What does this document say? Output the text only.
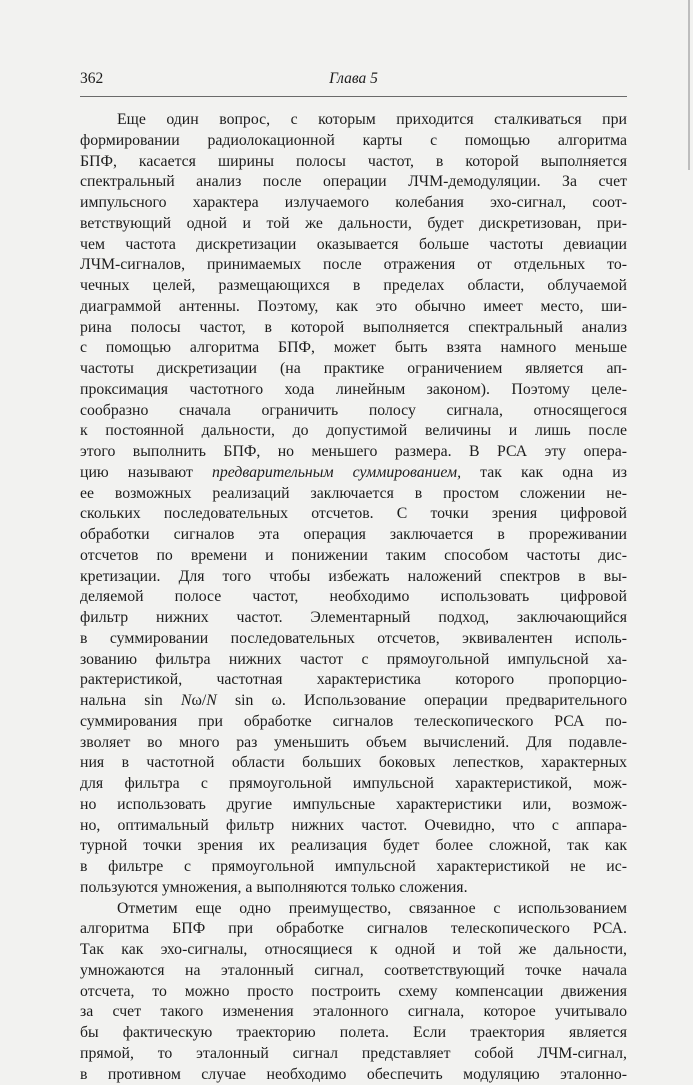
362	Глава 5
Еще один вопрос, с которым приходится сталкиваться при
формировании радиолокационной карты с помощью алгоритма
БПФ, касается ширины полосы частот, в которой выполняется
спектральный анализ после операции ЛЧМ-демодуляции. За счет
импульсного характера излучаемого колебания эхо-сигнал, соот-
ветствующий одной и той же дальности, будет дискретизован, при-
чем частота дискретизации оказывается больше частоты девиации
ЛЧМ-сигналов, принимаемых после отражения от отдельных то-
чечных целей, размещающихся в пределах области, облучаемой
диаграммой антенны. Поэтому, как это обычно имеет место, ши-
рина полосы частот, в которой выполняется спектральный анализ
с помощью алгоритма БПФ, может быть взята намного меньше
частоты дискретизации (на практике ограничением является ап-
проксимация частотного хода линейным законом). Поэтому целе-
сообразно сначала ограничить полосу сигнала, относящегося
к постоянной дальности, до допустимой величины и лишь после
этого выполнить БПФ, но меньшего размера. В РСА эту опера-
цию называют предварительным суммированием, так как одна из
ее возможных реализаций заключается в простом сложении не-
скольких последовательных отсчетов. С точки зрения цифровой
обработки сигналов эта операция заключается в прореживании
отсчетов по времени и понижении таким способом частоты дис-
кретизации. Для того чтобы избежать наложений спектров в вы-
деляемой полосе частот, необходимо использовать цифровой
фильтр нижних частот. Элементарный подход, заключающийся
в суммировании последовательных отсчетов, эквивалентен исполь-
зованию фильтра нижних частот с прямоугольной импульсной ха-
рактеристикой, частотная характеристика которого пропорцио-
нальна sin Nω/N sin ω. Использование операции предварительного
суммирования при обработке сигналов телескопического РСА по-
зволяет во много раз уменьшить объем вычислений. Для подавле-
ния в частотной области больших боковых лепестков, характерных
для фильтра с прямоугольной импульсной характеристикой, мож-
но использовать другие импульсные характеристики или, возмож-
но, оптимальный фильтр нижних частот. Очевидно, что с аппара-
турной точки зрения их реализация будет более сложной, так как
в фильтре с прямоугольной импульсной характеристикой не ис-
пользуются умножения, а выполняются только сложения.
Отметим еще одно преимущество, связанное с использованием
алгоритма БПФ при обработке сигналов телескопического РСА.
Так как эхо-сигналы, относящиеся к одной и той же дальности,
умножаются на эталонный сигнал, соответствующий точке начала
отсчета, то можно просто построить схему компенсации движения
за счет такого изменения эталонного сигнала, которое учитывало
бы фактическую траекторию полета. Если траектория является
прямой, то эталонный сигнал представляет собой ЛЧМ-сигнал,
в противном случае необходимо обеспечить модуляцию эталонно-
